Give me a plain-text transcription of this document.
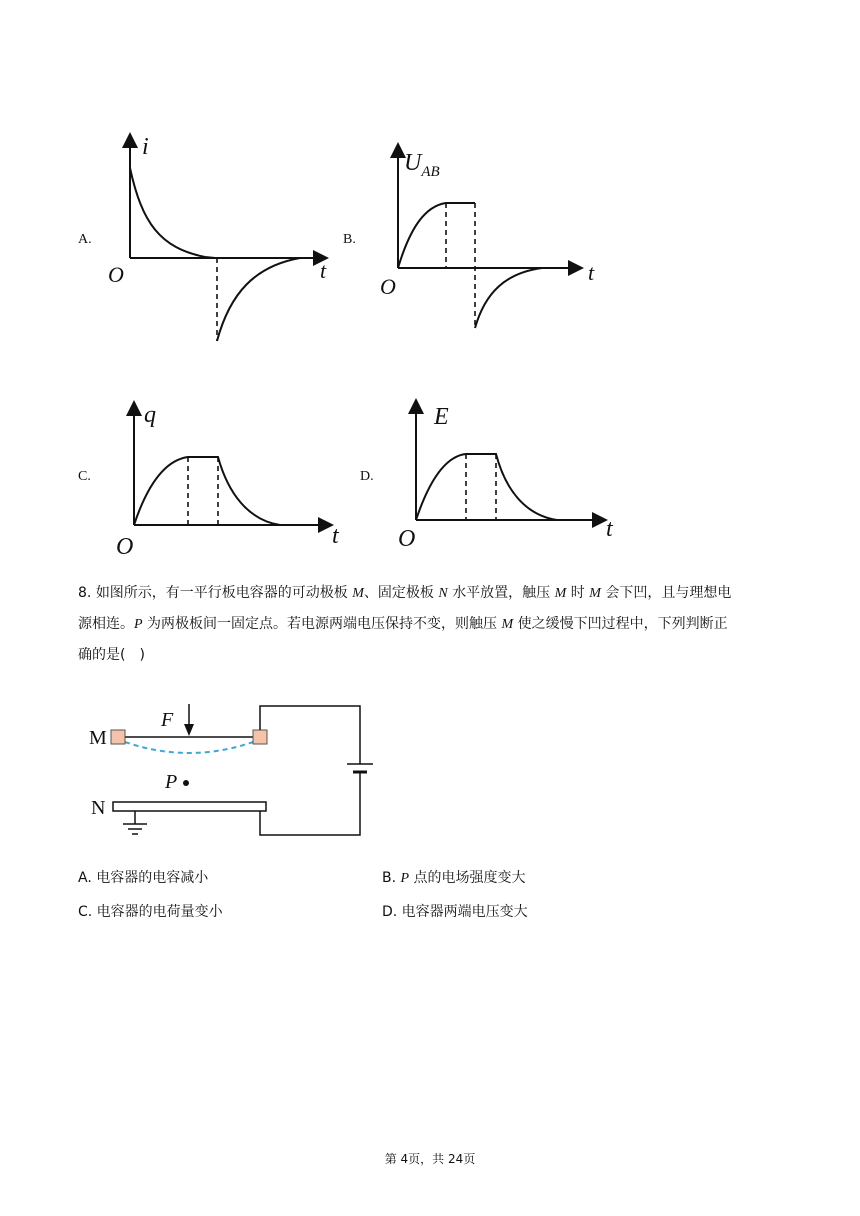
A.
i
t
O
B.
$U_{AB}$
t
O
C.
q
t
O
D.
E
t
O
8. 如图所示，有一平行板电容器的可动极板 M、固定极板 N 水平放置，触压 M 时 M 会下凹，且与理想电
源相连。P 为两极板间一固定点。若电源两端电压保持不变，则触压 M 使之缓慢下凹过程中，下列判断正
确的是(　)
M
N
F
P
A. 电容器的电容减小	B. P 点的电场强度变大
C. 电容器的电荷量变小	D. 电容器两端电压变大
第 4页，共 24页
